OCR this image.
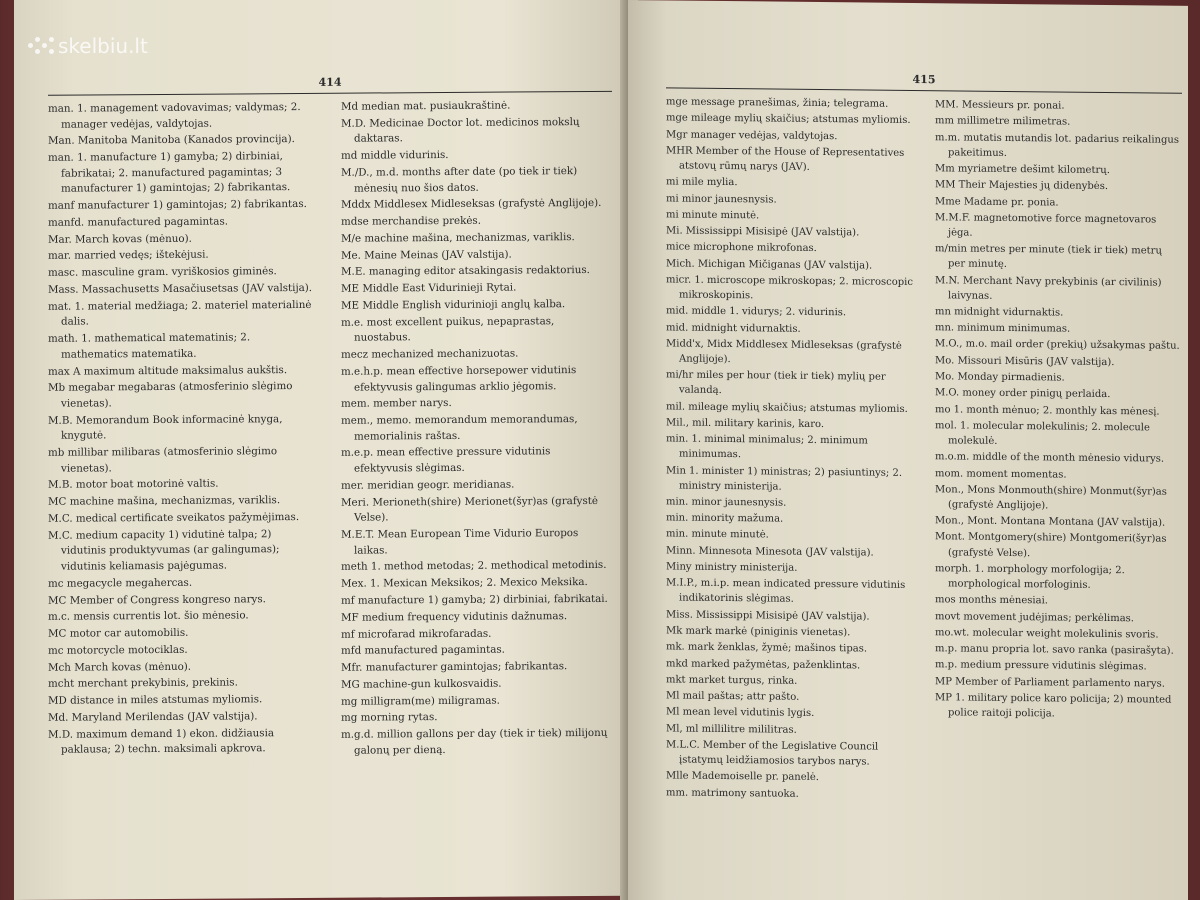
skelbiu.lt
414

man. 1. management vadovavimas; valdymas; 2. manager vedėjas, valdytojas.

Man. Manitoba Manitoba (Kanados provincija).

man. 1. manufacture 1) gamyba; 2) dirbiniai, fabrikatai; 2. manufactured pagamintas; 3 manufacturer 1) gamintojas; 2) fabrikantas.

manf manufacturer 1) gamintojas; 2) fabrikantas.

manfd. manufactured pagamintas.

Mar. March kovas (mėnuo).

mar. married vedęs; ištekėjusi.

masc. masculine gram. vyriškosios giminės.

Mass. Massachusetts Masačiusetsas (JAV valstija).

mat. 1. material medžiaga; 2. materiel materialinė dalis.

math. 1. mathematical matematinis; 2. mathematics matematika.

max A maximum altitude maksimalus aukštis.

Mb megabar megabaras (atmosferinio slėgimo vienetas).

M.B. Memorandum Book informacinė knyga, knygutė.

mb millibar milibaras (atmosferinio slėgimo vienetas).

M.B. motor boat motorinė valtis.

MC machine mašina, mechanizmas, variklis.

M.C. medical certificate sveikatos pažymėjimas.

M.C. medium capacity 1) vidutinė talpa; 2) vidutinis produktyvumas (ar galingumas); vidutinis keliamasis pajėgumas.

mc megacycle megahercas.

MC Member of Congress kongreso narys.

m.c. mensis currentis lot. šio mėnesio.

MC motor car automobilis.

mc motorcycle motociklas.

Mch March kovas (mėnuo).

mcht merchant prekybinis, prekinis.

MD distance in miles atstumas myliomis.

Md. Maryland Merilendas (JAV valstija).

M.D. maximum demand 1) ekon. didžiausia paklausa; 2) techn. maksimali apkrova.

Md median mat. pusiaukraštinė.

M.D. Medicinae Doctor lot. medicinos mokslų daktaras.

md middle vidurinis.

M./D., m.d. months after date (po tiek ir tiek) mėnesių nuo šios datos.

Mddx Middlesex Midleseksas (grafystė Anglijoje).

mdse merchandise prekės.

M/e machine mašina, mechanizmas, variklis.

Me. Maine Meinas (JAV valstija).

M.E. managing editor atsakingasis redaktorius.

ME Middle East Vidurinieji Rytai.

ME Middle English vidurinioji anglų kalba.

m.e. most excellent puikus, nepaprastas, nuostabus.

mecz mechanized mechanizuotas.

m.e.h.p. mean effective horsepower vidutinis efektyvusis galingumas arklio jėgomis.

mem. member narys.

mem., memo. memorandum memorandumas, memorialinis raštas.

m.e.p. mean effective pressure vidutinis efektyvusis slėgimas.

mer. meridian geogr. meridianas.

Meri. Merioneth(shire) Merionet(šyr)as (grafystė Velse).

M.E.T. Mean European Time Vidurio Europos laikas.

meth 1. method metodas; 2. methodical metodinis.

Mex. 1. Mexican Meksikos; 2. Mexico Meksika.

mf manufacture 1) gamyba; 2) dirbiniai, fabrikatai.

MF medium frequency vidutinis dažnumas.

mf microfarad mikrofaradas.

mfd manufactured pagamintas.

Mfr. manufacturer gamintojas; fabrikantas.

MG machine-gun kulkosvaidis.

mg milligram(me) miligramas.

mg morning rytas.

m.g.d. million gallons per day (tiek ir tiek) milijonų galonų per dieną.

415

mge message pranešimas, žinia; telegrama.

mge mileage mylių skaičius; atstumas myliomis.

Mgr manager vedėjas, valdytojas.

MHR Member of the House of Representatives atstovų rūmų narys (JAV).

mi mile mylia.

mi minor jaunesnysis.

mi minute minutė.

Mi. Mississippi Misisipė (JAV valstija).

mice microphone mikrofonas.

Mich. Michigan Mičiganas (JAV valstija).

micr. 1. microscope mikroskopas; 2. microscopic mikroskopinis.

mid. middle 1. vidurys; 2. vidurinis.

mid. midnight vidurnaktis.

Midd'x, Midx Middlesex Midleseksas (grafystė Anglijoje).

mi/hr miles per hour (tiek ir tiek) mylių per valandą.

mil. mileage mylių skaičius; atstumas myliomis.

Mil., mil. military karinis, karo.

min. 1. minimal minimalus; 2. minimum minimumas.

Min 1. minister 1) ministras; 2) pasiuntinys; 2. ministry ministerija.

min. minor jaunesnysis.

min. minority mažuma.

min. minute minutė.

Minn. Minnesota Minesota (JAV valstija).

Miny ministry ministerija.

M.I.P., m.i.p. mean indicated pressure vidutinis indikatorinis slėgimas.

Miss. Mississippi Misisipė (JAV valstija).

Mk mark markė (piniginis vienetas).

mk. mark ženklas, žymė; mašinos tipas.

mkd marked pažymėtas, paženklintas.

mkt market turgus, rinka.

Ml mail paštas; attr pašto.

Ml mean level vidutinis lygis.

Ml, ml millilitre mililitras.

M.L.C. Member of the Legislative Council įstatymų leidžiamosios tarybos narys.

Mlle Mademoiselle pr. panelė.

mm. matrimony santuoka.

MM. Messieurs pr. ponai.

mm millimetre milimetras.

m.m. mutatis mutandis lot. padarius reikalingus pakeitimus.

Mm myriametre dešimt kilometrų.

MM Their Majesties jų didenybės.

Mme Madame pr. ponia.

M.M.F. magnetomotive force magnetovaros jėga.

m/min metres per minute (tiek ir tiek) metrų per minutę.

M.N. Merchant Navy prekybinis (ar civilinis) laivynas.

mn midnight vidurnaktis.

mn. minimum minimumas.

M.O., m.o. mail order (prekių) užsakymas paštu.

Mo. Missouri Misūris (JAV valstija).

Mo. Monday pirmadienis.

M.O. money order pinigų perlaida.

mo 1. month mėnuo; 2. monthly kas mėnesį.

mol. 1. molecular molekulinis; 2. molecule molekulė.

m.o.m. middle of the month mėnesio vidurys.

mom. moment momentas.

Mon., Mons Monmouth(shire) Monmut(šyr)as (grafystė Anglijoje).

Mon., Mont. Montana Montana (JAV valstija).

Mont. Montgomery(shire) Montgomeri(šyr)as (grafystė Velse).

morph. 1. morphology morfologija; 2. morphological morfologinis.

mos months mėnesiai.

movt movement judėjimas; perkėlimas.

mo.wt. molecular weight molekulinis svoris.

m.p. manu propria lot. savo ranka (pasirašyta).

m.p. medium pressure vidutinis slėgimas.

MP Member of Parliament parlamento narys.

MP 1. military police karo policija; 2) mounted police raitoji policija.
